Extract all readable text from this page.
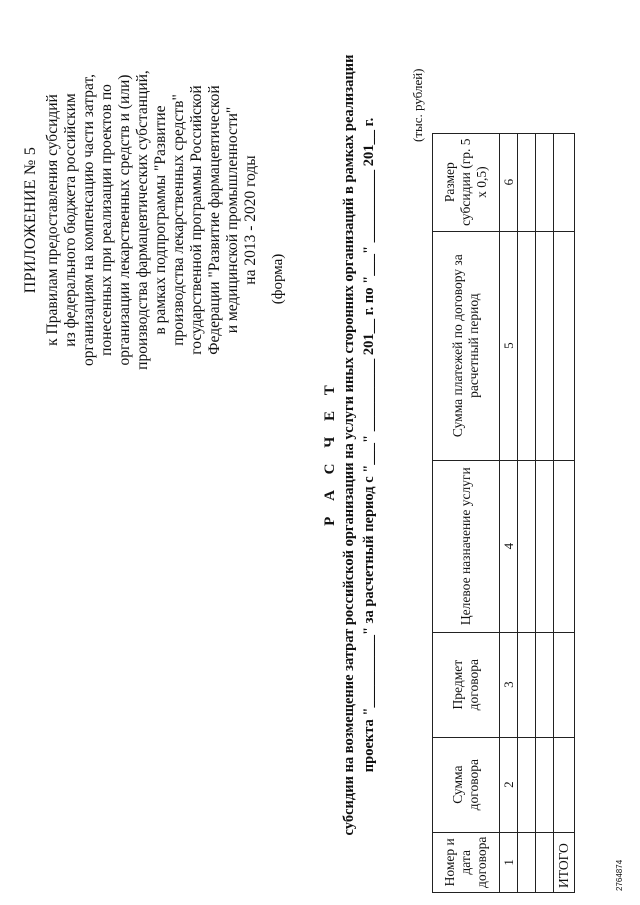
ПРИЛОЖЕНИЕ № 5 к Правилам предоставления субсидий из федерального бюджета российским организациям на компенсацию части затрат, понесенных при реализации проектов по организации лекарственных средств и (или) производства фармацевтических субстанций, в рамках подпрограммы "Развитие производства лекарственных средств" государственной программы Российской Федерации "Развитие фармацевтической и медицинской промышленности" на 2013 - 2020 годы (форма)
Р А С Ч Е Т субсидии на возмещение затрат российской организации на услуги иных сторонних организаций в рамках реализации проекта "__________" за расчетный период с "___" __________ 201__ г. по "___" __________ 201__ г.
(тыс. рублей)
Номер и дата договора	Сумма договора	Предмет договора	Целевое назначение услуги	Сумма платежей по договору за расчетный период	Размер субсидии (гр. 5 x 0,5)
1	2	3	4	5	6

ИТОГО						2764874
